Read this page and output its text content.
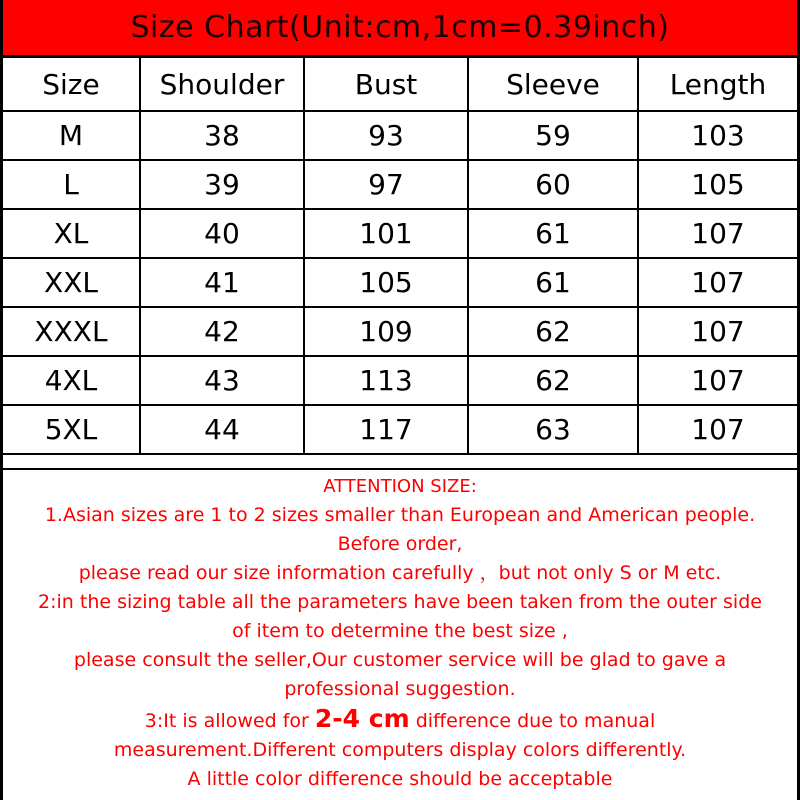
Size Chart(Unit:cm,1cm=0.39inch)
Size	Shoulder	Bust	Sleeve	Length
M	38	93	59	103
L	39	97	60	105
XL	40	101	61	107
XXL	41	105	61	107
XXXL	42	109	62	107
4XL	43	113	62	107
5XL	44	117	63	107
ATTENTION SIZE:
1.Asian sizes are 1 to 2 sizes smaller than European and American people.
Before order,
please read our size information carefully ，but not only S or M etc.
2:in the sizing table all the parameters have been taken from the outer side
of item to determine the best size ,
please consult the seller,Our customer service will be glad to gave a
professional suggestion.
3:It is allowed for 2-4 cm difference due to manual
measurement.Different computers display colors differently.
A little color difference should be acceptable
